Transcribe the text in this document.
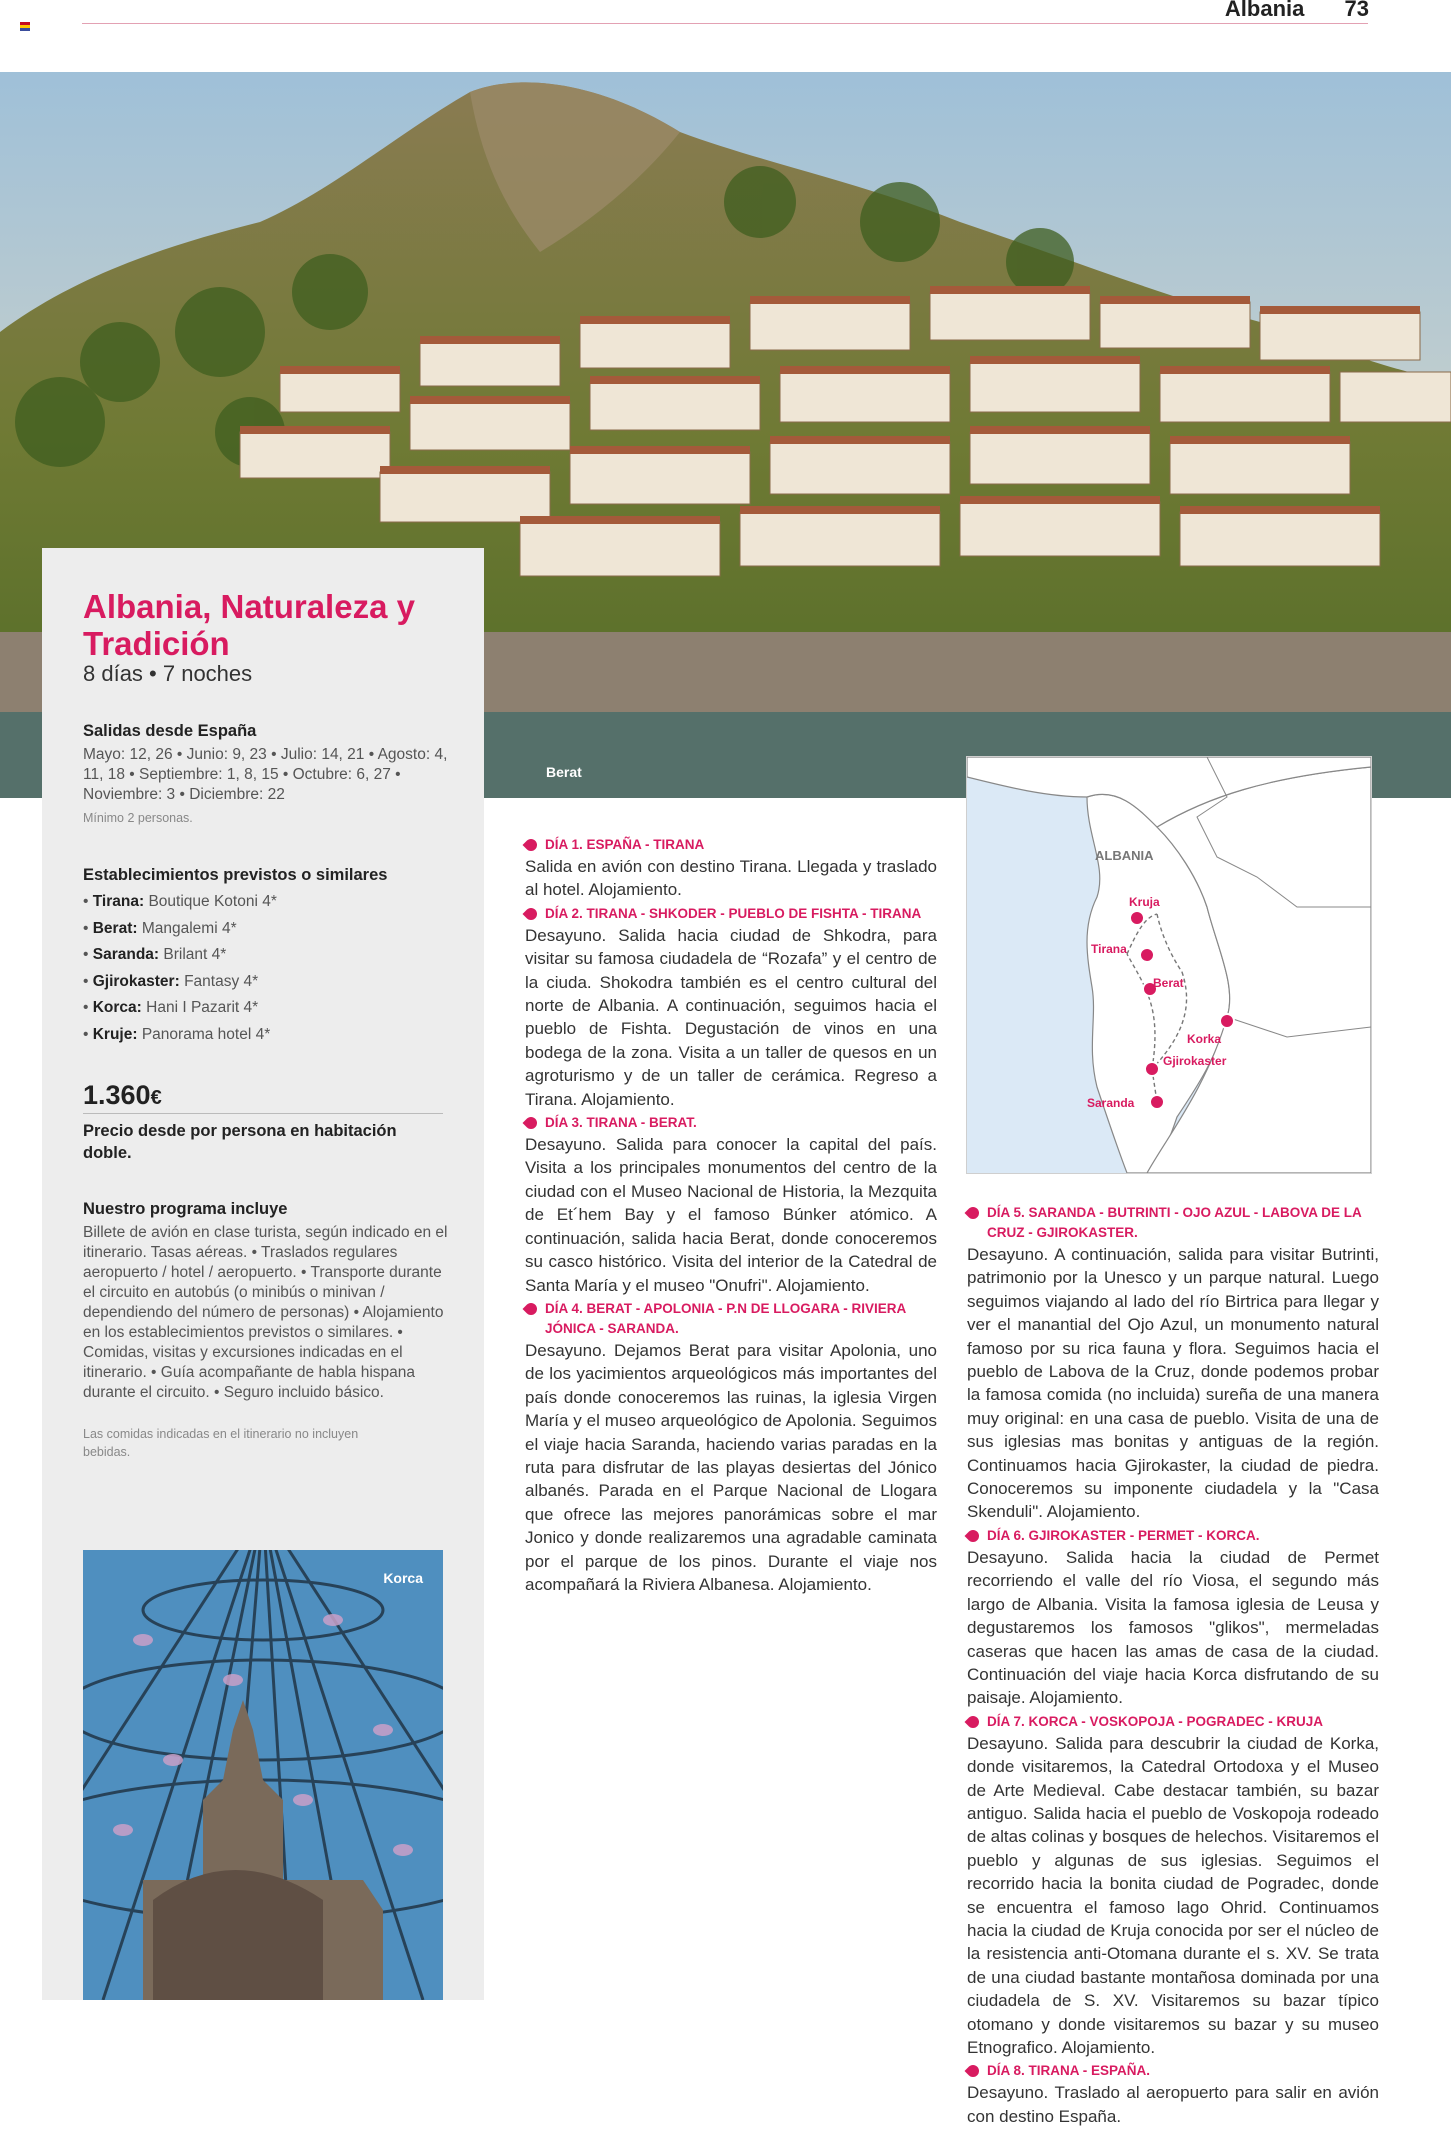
Albania 73
Berat
Albania, Naturaleza y Tradición
8 días • 7 noches
Salidas desde España

Mayo: 12, 26 • Junio: 9, 23 • Julio: 14, 21 • Agosto: 4, 11, 18 • Septiembre: 1, 8, 15 • Octubre: 6, 27 • Noviembre: 3 • Diciembre: 22

Mínimo 2 personas.

Establecimientos previstos o similares
• Tirana: Boutique Kotoni 4*
• Berat: Mangalemi 4*
• Saranda: Brilant 4*
• Gjirokaster: Fantasy 4*
• Korca: Hani I Pazarit 4*
• Kruje: Panorama hotel 4*
1.360€
Precio desde por persona en habitación doble.
Nuestro programa incluye

Billete de avión en clase turista, según indicado en el itinerario. Tasas aéreas. • Traslados regulares aeropuerto / hotel / aeropuerto. • Transporte durante el circuito en autobús (o minibús o minivan / dependiendo del número de personas) • Alojamiento en los establecimientos previstos o similares. • Comidas, visitas y excursiones indicadas en el itinerario. • Guía acompañante de habla hispana durante el circuito. • Seguro incluido básico.

Las comidas indicadas en el itinerario no incluyen bebidas.

Korca
DÍA 1. ESPAÑA - TIRANA
Salida en avión con destino Tirana. Llegada y traslado al hotel. Alojamiento.
DÍA 2. TIRANA - SHKODER - PUEBLO DE FISHTA - TIRANA
Desayuno. Salida hacia ciudad de Shkodra, para visitar su famosa ciudadela de “Rozafa” y el centro de la ciuda. Shokodra también es el centro cultural del norte de Albania. A continuación, seguimos hacia el pueblo de Fishta. Degustación de vinos en una bodega de la zona. Visita a un taller de quesos en un agroturismo y de un taller de cerámica. Regreso a Tirana. Alojamiento.
DÍA 3. TIRANA - BERAT.
Desayuno. Salida para conocer la capital del país. Visita a los principales monumentos del centro de la ciudad con el Museo Nacional de Historia, la Mezquita de Et´hem Bay y el famoso Búnker atómico. A continuación, salida hacia Berat, donde conoceremos su casco histórico. Visita del interior de la Catedral de Santa María y el museo "Onufri". Alojamiento.
DÍA 4. BERAT - APOLONIA - P.N DE LLOGARA - RIVIERA JÓNICA - SARANDA.
Desayuno. Dejamos Berat para visitar Apolonia, uno de los yacimientos arqueológicos más importantes del país donde conoceremos las ruinas, la iglesia Virgen María y el museo arqueológico de Apolonia. Seguimos el viaje hacia Saranda, haciendo varias paradas en la ruta para disfrutar de las playas desiertas del Jónico albanés. Parada en el Parque Nacional de Llogara que ofrece las mejores panorámicas sobre el mar Jonico y donde realizaremos una agradable caminata por el parque de los pinos. Durante el viaje nos acompañará la Riviera Albanesa. Alojamiento.
ALBANIA
Kruja
Tirana
Berat
Korka
Gjirokaster
Saranda
DÍA 5. SARANDA - BUTRINTI - OJO AZUL - LABOVA DE LA CRUZ - GJIROKASTER.
Desayuno. A continuación, salida para visitar Butrinti, patrimonio por la Unesco y un parque natural. Luego seguimos viajando al lado del río Birtrica para llegar y ver el manantial del Ojo Azul, un monumento natural famoso por su rica fauna y flora. Seguimos hacia el pueblo de Labova de la Cruz, donde podemos probar la famosa comida (no incluida) sureña de una manera muy original: en una casa de pueblo. Visita de una de sus iglesias mas bonitas y antiguas de la región. Continuamos hacia Gjirokaster, la ciudad de piedra. Conoceremos su imponente ciudadela y la "Casa Skenduli". Alojamiento.
DÍA 6. GJIROKASTER - PERMET - KORCA.
Desayuno. Salida hacia la ciudad de Permet recorriendo el valle del río Viosa, el segundo más largo de Albania. Visita la famosa iglesia de Leusa y degustaremos los famosos "glikos", mermeladas caseras que hacen las amas de casa de la ciudad. Continuación del viaje hacia Korca disfrutando de su paisaje. Alojamiento.
DÍA 7. KORCA - VOSKOPOJA - POGRADEC - KRUJA
Desayuno. Salida para descubrir la ciudad de Korka, donde visitaremos, la Catedral Ortodoxa y el Museo de Arte Medieval. Cabe destacar también, su bazar antiguo. Salida hacia el pueblo de Voskopoja rodeado de altas colinas y bosques de helechos. Visitaremos el pueblo y algunas de sus iglesias. Seguimos el recorrido hacia la bonita ciudad de Pogradec, donde se encuentra el famoso lago Ohrid. Continuamos hacia la ciudad de Kruja conocida por ser el núcleo de la resistencia anti-Otomana durante el s. XV. Se trata de una ciudad bastante montañosa dominada por una ciudadela de S. XV. Visitaremos su bazar típico otomano y donde visitaremos su bazar y su museo Etnografico. Alojamiento.
DÍA 8. TIRANA - ESPAÑA.
Desayuno. Traslado al aeropuerto para salir en avión con destino España.
